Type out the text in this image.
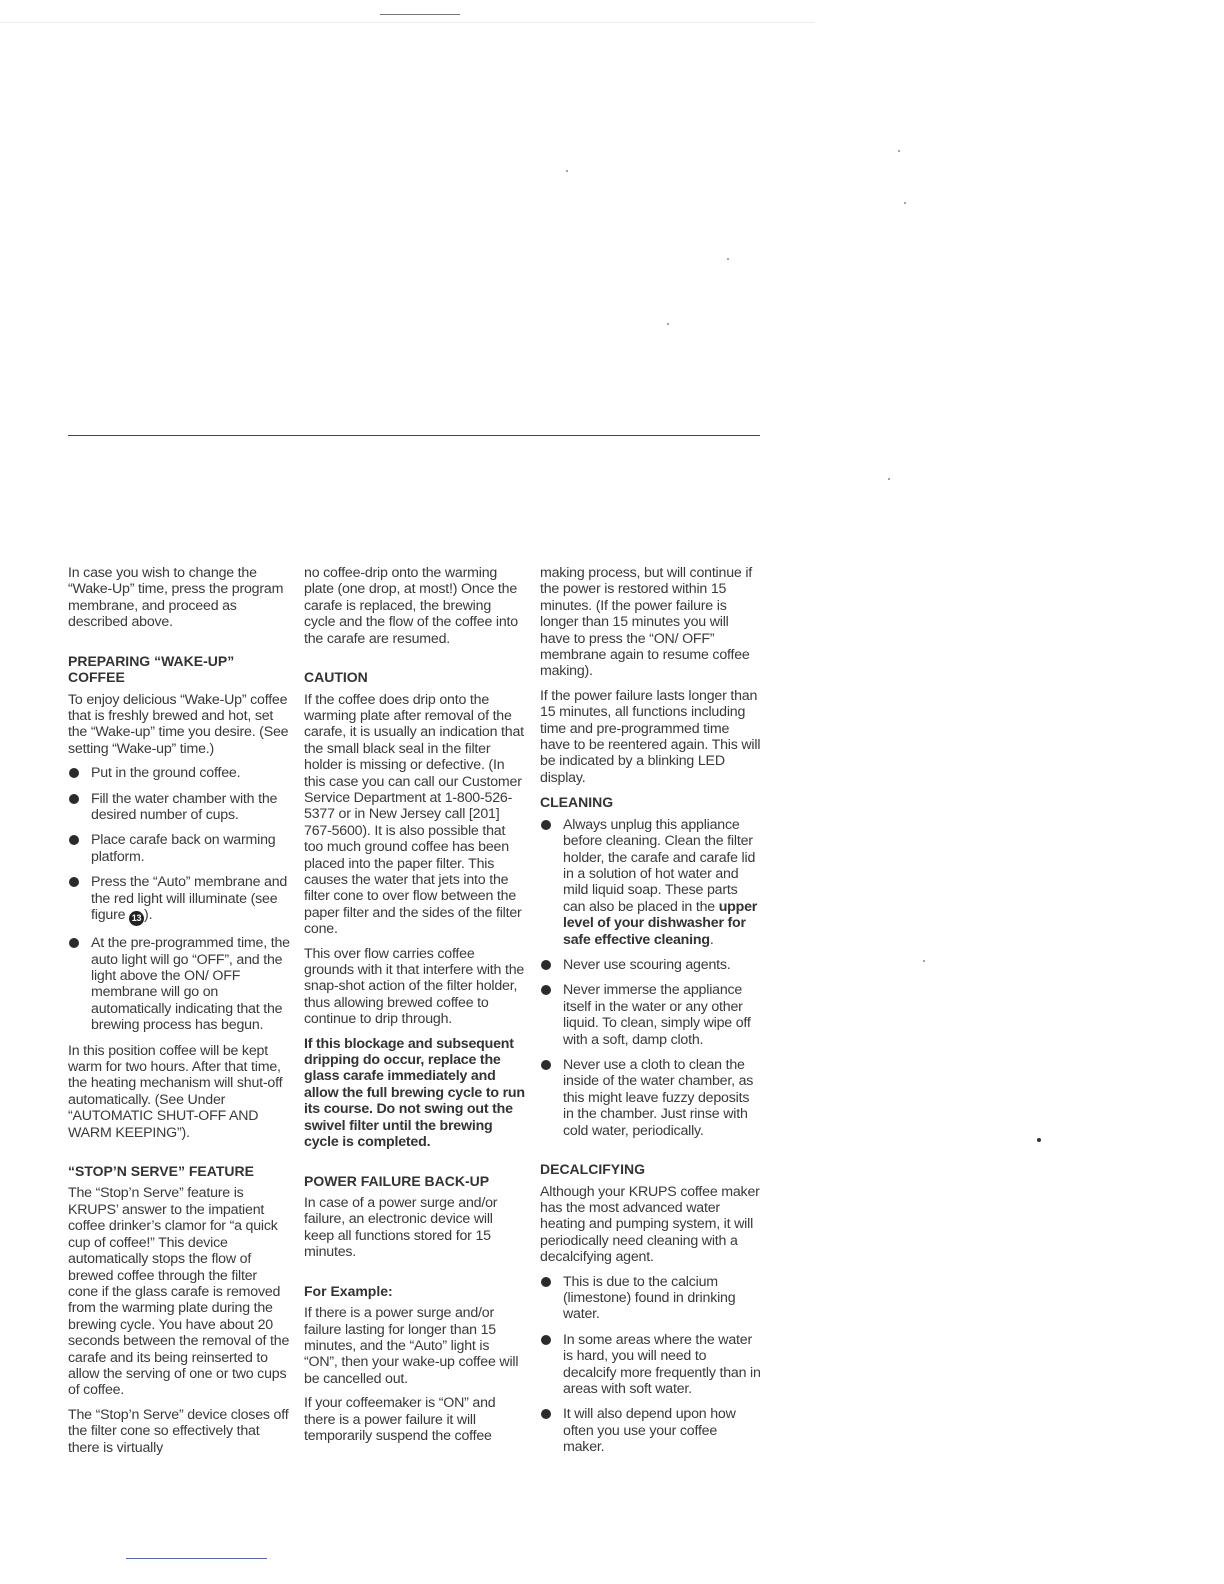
In case you wish to change the “Wake-Up” time, press the program membrane, and proceed as described above.

PREPARING “WAKE-UP” COFFEE

To enjoy delicious “Wake-Up” coffee that is freshly brewed and hot, set the “Wake-up” time you desire. (See setting “Wake-up” time.)

Put in the ground coffee.
Fill the water chamber with the desired number of cups.
Place carafe back on warming platform.
Press the “Auto” membrane and the red light will illuminate (see figure 13 ).
At the pre-programmed time, the auto light will go “OFF”, and the light above the ON/ OFF membrane will go on automatically indicating that the brewing process has begun.

In this position coffee will be kept warm for two hours. After that time, the heating mechanism will shut-off automatically. (See Under “AUTOMATIC SHUT-OFF AND WARM KEEPING”).

“STOP’N SERVE” FEATURE

The “Stop’n Serve” feature is KRUPS’ answer to the impatient coffee drinker’s clamor for “a quick cup of coffee!” This device automatically stops the flow of brewed coffee through the filter cone if the glass carafe is removed from the warming plate during the brewing cycle. You have about 20 seconds between the removal of the carafe and its being reinserted to allow the serving of one or two cups of coffee.

The “Stop’n Serve” device closes off the filter cone so effectively that there is virtually

no coffee-drip onto the warming plate (one drop, at most!) Once the carafe is replaced, the brewing cycle and the flow of the coffee into the carafe are resumed.

CAUTION

If the coffee does drip onto the warming plate after removal of the carafe, it is usually an indication that the small black seal in the filter holder is missing or defective. (In this case you can call our Customer Service Department at 1-800-526-5377 or in New Jersey call [201] 767-5600). It is also possible that too much ground coffee has been placed into the paper filter. This causes the water that jets into the filter cone to over flow between the paper filter and the sides of the filter cone.

This over flow carries coffee grounds with it that interfere with the snap-shot action of the filter holder, thus allowing brewed coffee to continue to drip through.

If this blockage and subsequent dripping do occur, replace the glass carafe immediately and allow the full brewing cycle to run its course. Do not swing out the swivel filter until the brewing cycle is completed.

POWER FAILURE BACK-UP

In case of a power surge and/or failure, an electronic device will keep all functions stored for 15 minutes.

For Example:

If there is a power surge and/or failure lasting for longer than 15 minutes, and the “Auto” light is “ON”, then your wake-up coffee will be cancelled out.

If your coffeemaker is “ON” and there is a power failure it will temporarily suspend the coffee

making process, but will continue if the power is restored within 15 minutes. (If the power failure is longer than 15 minutes you will have to press the “ON/ OFF” membrane again to resume coffee making).

If the power failure lasts longer than 15 minutes, all functions including time and pre-programmed time have to be reentered again. This will be indicated by a blinking LED display.

CLEANING
Always unplug this appliance before cleaning. Clean the filter holder, the carafe and carafe lid in a solution of hot water and mild liquid soap. These parts can also be placed in the upper level of your dishwasher for safe effective cleaning.
Never use scouring agents.
Never immerse the appliance itself in the water or any other liquid. To clean, simply wipe off with a soft, damp cloth.
Never use a cloth to clean the inside of the water chamber, as this might leave fuzzy deposits in the chamber. Just rinse with cold water, periodically.
DECALCIFYING

Although your KRUPS coffee maker has the most advanced water heating and pumping system, it will periodically need cleaning with a decalcifying agent.

This is due to the calcium (limestone) found in drinking water.
In some areas where the water is hard, you will need to decalcify more frequently than in areas with soft water.
It will also depend upon how often you use your coffee maker.
